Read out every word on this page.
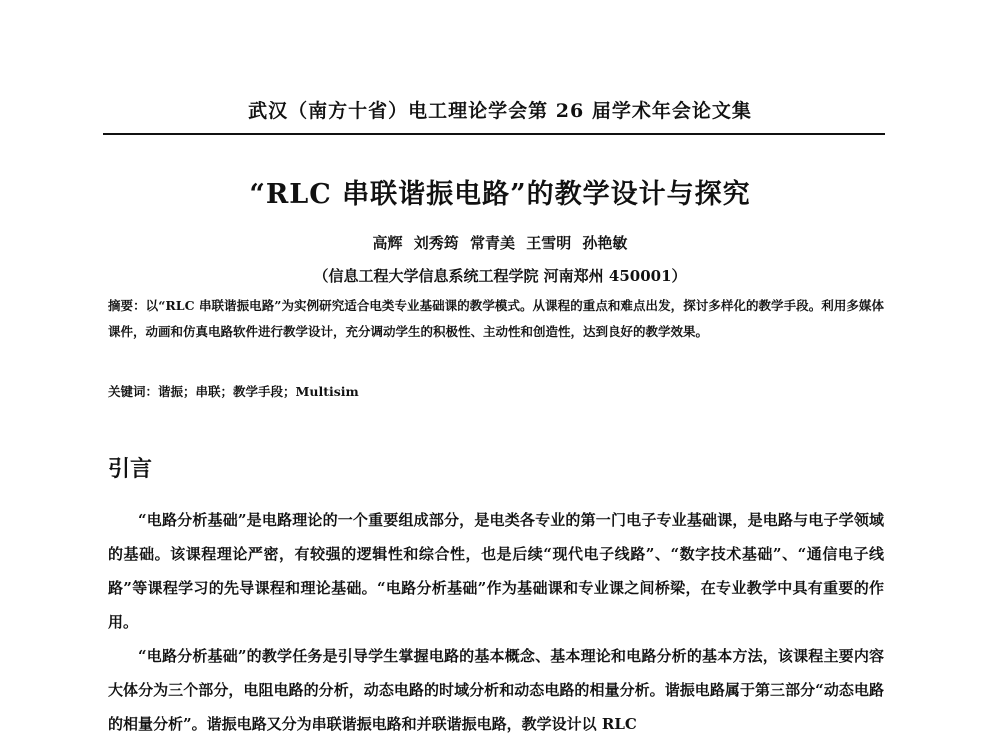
武汉（南方十省）电工理论学会第 26 届学术年会论文集
“RLC 串联谐振电路”的教学设计与探究
高辉 刘秀筠 常青美 王雪明 孙艳敏
（信息工程大学信息系统工程学院 河南郑州 450001）
摘要：以“RLC 串联谐振电路”为实例研究适合电类专业基础课的教学模式。从课程的重点和难点出发，探讨多样化的教学手段。利用多媒体课件，动画和仿真电路软件进行教学设计，充分调动学生的积极性、主动性和创造性，达到良好的教学效果。
关键词：谐振；串联；教学手段；Multisim
引言

“电路分析基础”是电路理论的一个重要组成部分，是电类各专业的第一门电子专业基础课，是电路与电子学领域的基础。该课程理论严密，有较强的逻辑性和综合性，也是后续“现代电子线路”、“数字技术基础”、“通信电子线路”等课程学习的先导课程和理论基础。“电路分析基础”作为基础课和专业课之间桥梁，在专业教学中具有重要的作用。

“电路分析基础”的教学任务是引导学生掌握电路的基本概念、基本理论和电路分析的基本方法，该课程主要内容大体分为三个部分，电阻电路的分析，动态电路的时域分析和动态电路的相量分析。谐振电路属于第三部分“动态电路的相量分析”。谐振电路又分为串联谐振电路和并联谐振电路，教学设计以 RLC
